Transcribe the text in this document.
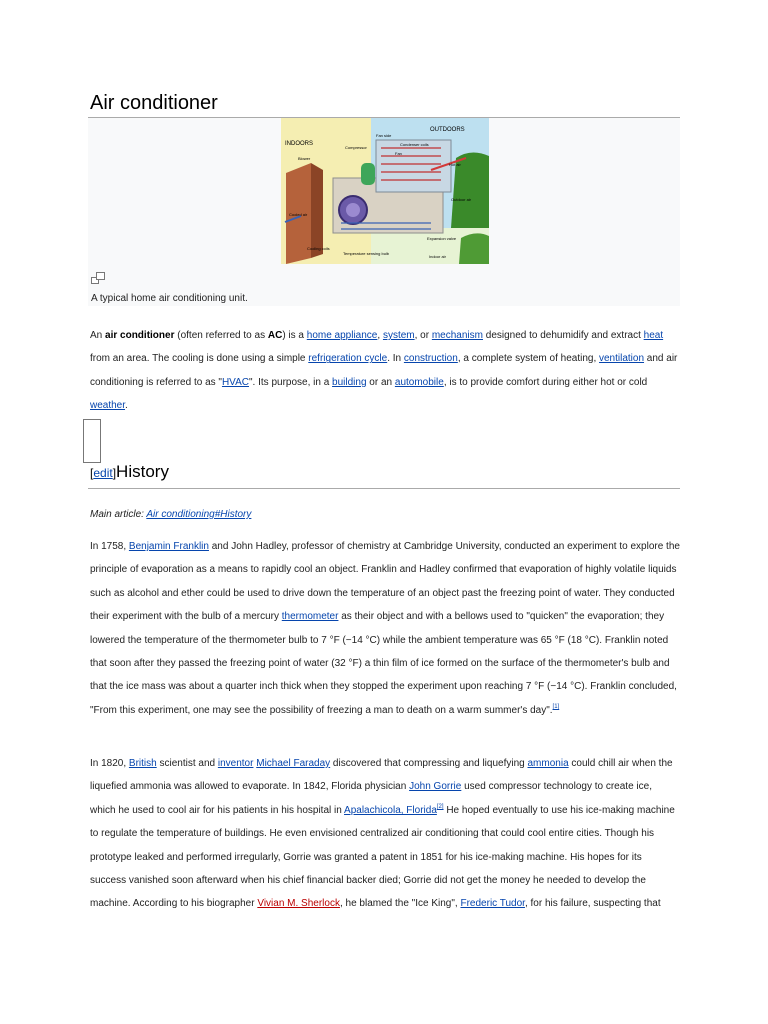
Air conditioner
INDOORS
OUTDOORS
Fan side
Compressor
Condenser coils
Fan
Blower
Hot air
Outdoor air
Cooled air
Expansion valve
Cooling coils
Temperature sensing bulb
Indoor air
A typical home air conditioning unit.
An air conditioner (often referred to as AC) is a home appliance, system, or mechanism designed to dehumidify and extract heat from an area. The cooling is done using a simple refrigeration cycle. In construction, a complete system of heating, ventilation and air conditioning is referred to as "HVAC". Its purpose, in a building or an automobile, is to provide comfort during either hot or cold weather.
[edit]History
Main article: Air conditioning#History
In 1758, Benjamin Franklin and John Hadley, professor of chemistry at Cambridge University, conducted an experiment to explore the principle of evaporation as a means to rapidly cool an object. Franklin and Hadley confirmed that evaporation of highly volatile liquids such as alcohol and ether could be used to drive down the temperature of an object past the freezing point of water. They conducted their experiment with the bulb of a mercury thermometer as their object and with a bellows used to "quicken" the evaporation; they lowered the temperature of the thermometer bulb to 7 °F (−14 °C) while the ambient temperature was 65 °F (18 °C). Franklin noted that soon after they passed the freezing point of water (32 °F) a thin film of ice formed on the surface of the thermometer's bulb and that the ice mass was about a quarter inch thick when they stopped the experiment upon reaching 7 °F (−14 °C). Franklin concluded, "From this experiment, one may see the possibility of freezing a man to death on a warm summer's day".[1]
In 1820, British scientist and inventor Michael Faraday discovered that compressing and liquefying ammonia could chill air when the liquefied ammonia was allowed to evaporate. In 1842, Florida physician John Gorrie used compressor technology to create ice, which he used to cool air for his patients in his hospital in Apalachicola, Florida[2] He hoped eventually to use his ice-making machine to regulate the temperature of buildings. He even envisioned centralized air conditioning that could cool entire cities. Though his prototype leaked and performed irregularly, Gorrie was granted a patent in 1851 for his ice-making machine. His hopes for its success vanished soon afterward when his chief financial backer died; Gorrie did not get the money he needed to develop the machine. According to his biographer Vivian M. Sherlock, he blamed the "Ice King", Frederic Tudor, for his failure, suspecting that
